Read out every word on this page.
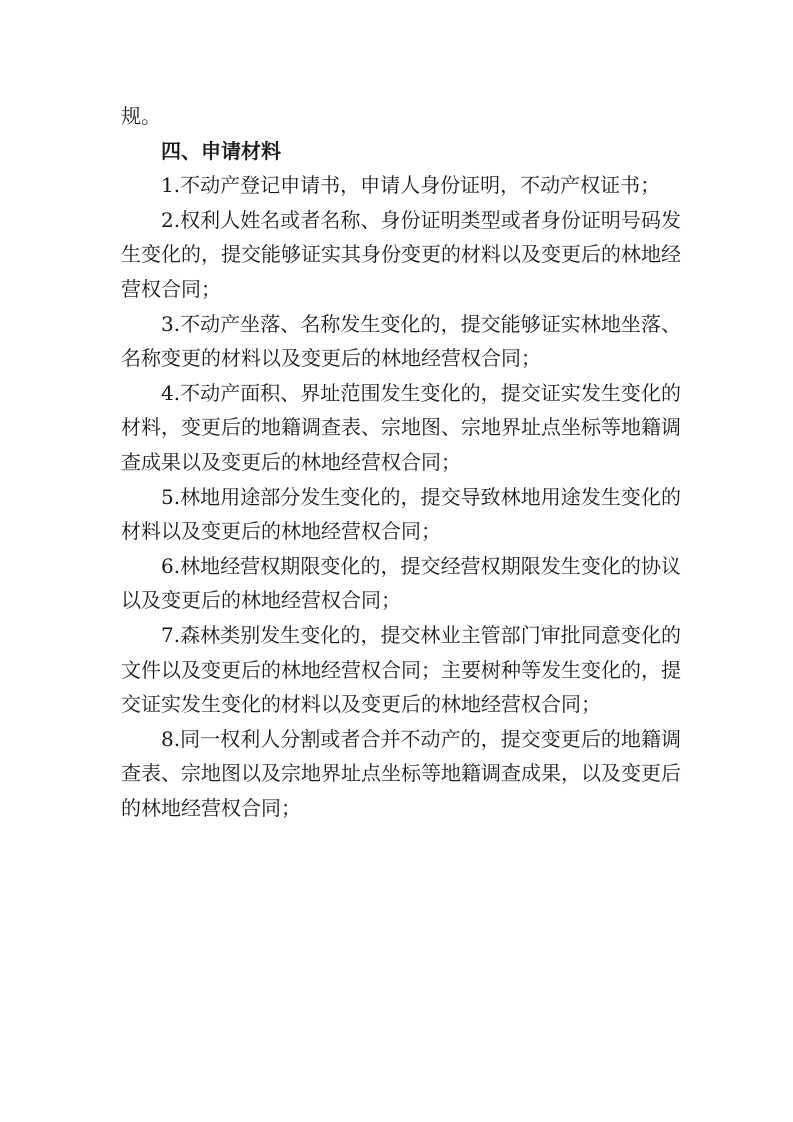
规。

四、申请材料

1.不动产登记申请书，申请人身份证明，不动产权证书；

2.权利人姓名或者名称、身份证明类型或者身份证明号码发生变化的，提交能够证实其身份变更的材料以及变更后的林地经营权合同；

3.不动产坐落、名称发生变化的，提交能够证实林地坐落、名称变更的材料以及变更后的林地经营权合同；

4.不动产面积、界址范围发生变化的，提交证实发生变化的材料，变更后的地籍调查表、宗地图、宗地界址点坐标等地籍调查成果以及变更后的林地经营权合同；

5.林地用途部分发生变化的，提交导致林地用途发生变化的材料以及变更后的林地经营权合同；

6.林地经营权期限变化的，提交经营权期限发生变化的协议以及变更后的林地经营权合同；

7.森林类别发生变化的，提交林业主管部门审批同意变化的文件以及变更后的林地经营权合同；主要树种等发生变化的，提交证实发生变化的材料以及变更后的林地经营权合同；

8.同一权利人分割或者合并不动产的，提交变更后的地籍调查表、宗地图以及宗地界址点坐标等地籍调查成果，以及变更后的林地经营权合同；
